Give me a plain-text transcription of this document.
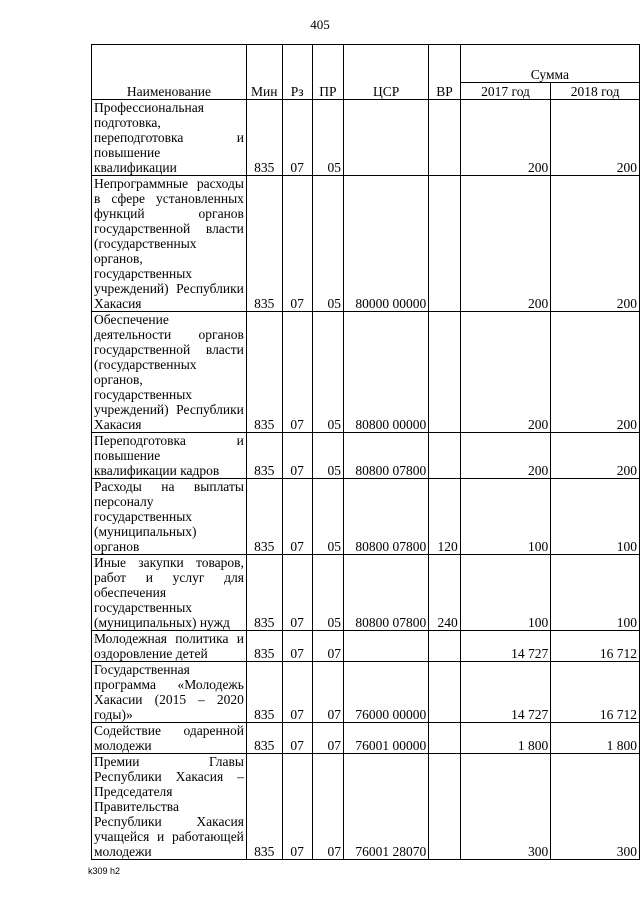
405
Наименование	Мин	Рз	ПР	ЦСР	ВР	Сумма	
						2017 год	2018 год
Профессиональная подготовка, переподготовка и повышение квалификации	835	07	05			200	200
Непрограммные расходы в сфере установленных функций органов государственной власти (государственных органов, государственных учреждений) Республики Хакасия	835	07	05	80000 00000		200	200
Обеспечение деятельности органов государственной власти (государственных органов, государственных учреждений) Республики Хакасия	835	07	05	80800 00000		200	200
Переподготовка и повышение квалификации кадров	835	07	05	80800 07800		200	200
Расходы на выплаты персоналу государственных (муниципальных) органов	835	07	05	80800 07800	120	100	100
Иные закупки товаров, работ и услуг для обеспечения государственных (муниципальных) нужд	835	07	05	80800 07800	240	100	100
Молодежная политика и оздоровление детей	835	07	07			14 727	16 712
Государственная программа «Молодежь Хакасии (2015 – 2020 годы)»	835	07	07	76000 00000		14 727	16 712
Содействие одаренной молодежи	835	07	07	76001 00000		1 800	1 800
Премии Главы Республики Хакасия – Председателя Правительства Республики Хакасия учащейся и работающей молодежи	835	07	07	76001 28070		300	300
k309 h2
